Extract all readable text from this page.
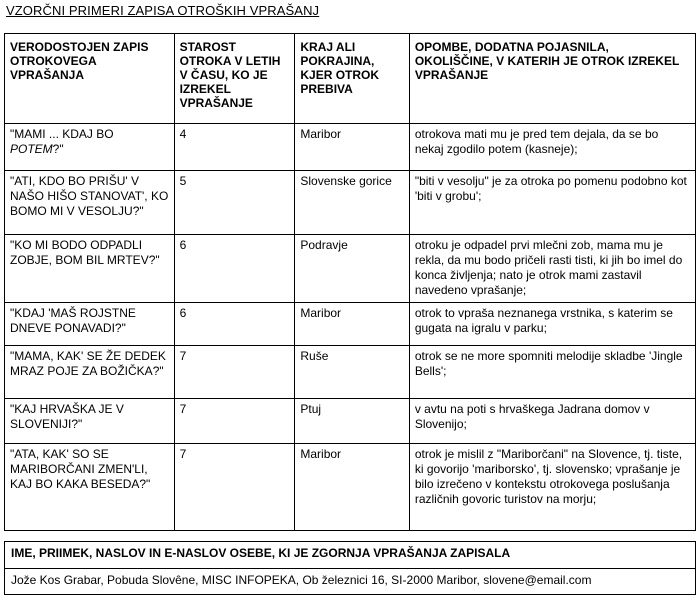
VZORČNI PRIMERI ZAPISA OTROŠKIH VPRAŠANJ
VERODOSTOJEN ZAPIS OTROKOVEGA VPRAŠANJA	STAROST OTROKA V LETIH V ČASU, KO JE IZREKEL VPRAŠANJE	KRAJ ALI POKRAJINA, KJER OTROK PREBIVA	OPOMBE, DODATNA POJASNILA, OKOLIŠČINE, V KATERIH JE OTROK IZREKEL VPRAŠANJE
"MAMI ... KDAJ BO POTEM?"	4	Maribor	otrokova mati mu je pred tem dejala, da se bo nekaj zgodilo potem (kasneje);
"ATI, KDO BO PRIŠU' V NAŠO HIŠO STANOVAT', KO BOMO MI V VESOLJU?"	5	Slovenske gorice	"biti v vesolju" je za otroka po pomenu podobno kot 'biti v grobu';
"KO MI BODO ODPADLI ZOBJE, BOM BIL MRTEV?"	6	Podravje	otroku je odpadel prvi mlečni zob, mama mu je rekla, da mu bodo pričeli rasti tisti, ki jih bo imel do konca življenja; nato je otrok mami zastavil navedeno vprašanje;
"KDAJ 'MAŠ ROJSTNE DNEVE PONAVADI?"	6	Maribor	otrok to vpraša neznanega vrstnika, s katerim se gugata na igralu v parku;
"MAMA, KAK' SE ŽE DEDEK MRAZ POJE ZA BOŽIČKA?"	7	Ruše	otrok se ne more spomniti melodije skladbe 'Jingle Bells';
"KAJ HRVAŠKA JE V SLOVENIJI?"	7	Ptuj	v avtu na poti s hrvaškega Jadrana domov v Slovenijo;
"ATA, KAK' SO SE MARIBORČANI ZMEN'LI, KAJ BO KAKA BESEDA?"	7	Maribor	otrok je mislil z "Mariborčani" na Slovence, tj. tiste, ki govorijo 'mariborsko', tj. slovensko; vprašanje je bilo izrečeno v kontekstu otrokovega poslušanja različnih govoric turistov na morju;
IME, PRIIMEK, NASLOV IN E-NASLOV OSEBE, KI JE ZGORNJA VPRAŠANJA ZAPISALA
Jože Kos Grabar, Pobuda Slovêne, MISC INFOPEKA, Ob železnici 16, SI-2000 Maribor, slovene@email.com
